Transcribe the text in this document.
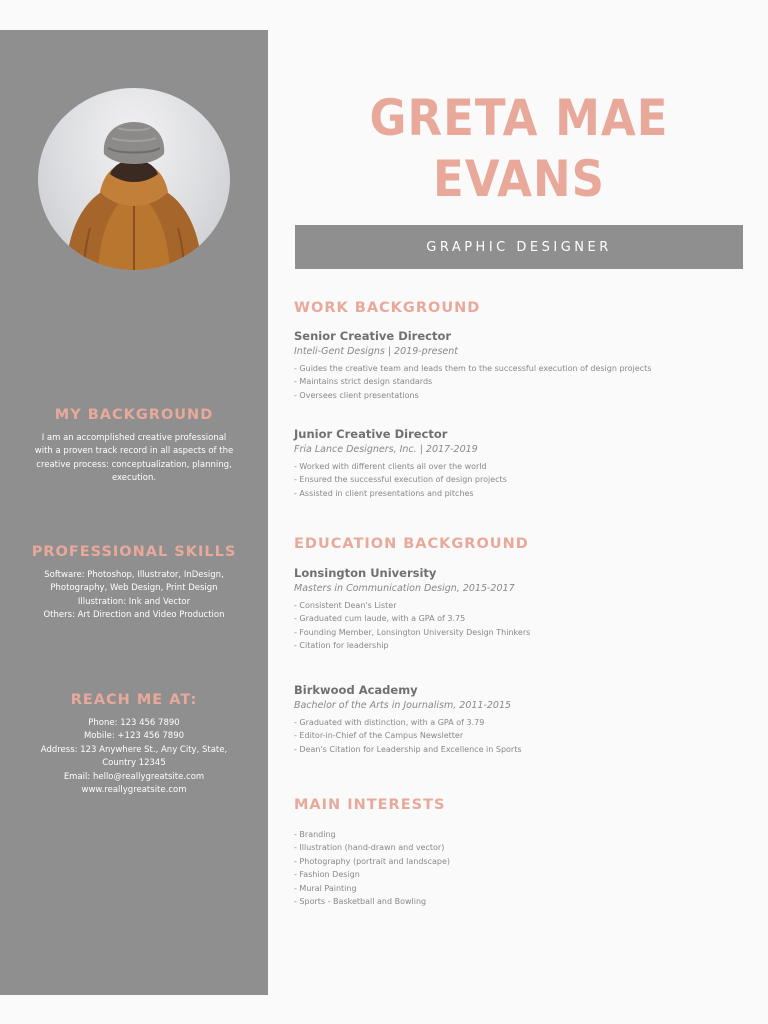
MY BACKGROUND
I am an accomplished creative professional
with a proven track record in all aspects of the
creative process: conceptualization, planning,
execution.
PROFESSIONAL SKILLS
Software: Photoshop, Illustrator, InDesign,
Photography, Web Design, Print Design
Illustration: Ink and Vector
Others: Art Direction and Video Production
REACH ME AT:
Phone: 123 456 7890
Mobile: +123 456 7890
Address: 123 Anywhere St., Any City, State,
Country 12345
Email: hello@reallygreatsite.com
www.reallygreatsite.com
GRETA MAE
EVANS
GRAPHIC DESIGNER
WORK BACKGROUND
Senior Creative Director
Inteli-Gent Designs | 2019-present
- Guides the creative team and leads them to the successful execution of design projects
- Maintains strict design standards
- Oversees client presentations
Junior Creative Director
Fria Lance Designers, Inc. | 2017-2019
- Worked with different clients all over the world
- Ensured the successful execution of design projects
- Assisted in client presentations and pitches
EDUCATION BACKGROUND
Lonsington University
Masters in Communication Design, 2015-2017
- Consistent Dean's Lister
- Graduated cum laude, with a GPA of 3.75
- Founding Member, Lonsington University Design Thinkers
- Citation for leadership
Birkwood Academy
Bachelor of the Arts in Journalism, 2011-2015
- Graduated with distinction, with a GPA of 3.79
- Editor-in-Chief of the Campus Newsletter
- Dean's Citation for Leadership and Excellence in Sports
MAIN INTERESTS
- Branding
- Illustration (hand-drawn and vector)
- Photography (portrait and landscape)
- Fashion Design
- Mural Painting
- Sports - Basketball and Bowling
